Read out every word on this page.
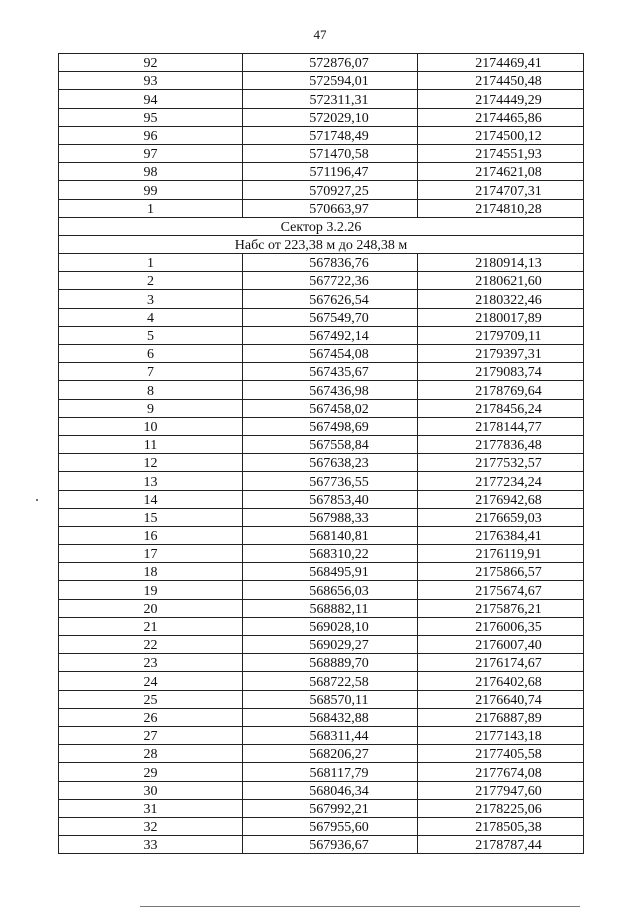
47
92	572876,07	2174469,41
93	572594,01	2174450,48
94	572311,31	2174449,29
95	572029,10	2174465,86
96	571748,49	2174500,12
97	571470,58	2174551,93
98	571196,47	2174621,08
99	570927,25	2174707,31
1	570663,97	2174810,28
Сектор 3.2.26		
Набс от 223,38 м до 248,38 м		
1	567836,76	2180914,13
2	567722,36	2180621,60
3	567626,54	2180322,46
4	567549,70	2180017,89
5	567492,14	2179709,11
6	567454,08	2179397,31
7	567435,67	2179083,74
8	567436,98	2178769,64
9	567458,02	2178456,24
10	567498,69	2178144,77
11	567558,84	2177836,48
12	567638,23	2177532,57
13	567736,55	2177234,24
14	567853,40	2176942,68
15	567988,33	2176659,03
16	568140,81	2176384,41
17	568310,22	2176119,91
18	568495,91	2175866,57
19	568656,03	2175674,67
20	568882,11	2175876,21
21	569028,10	2176006,35
22	569029,27	2176007,40
23	568889,70	2176174,67
24	568722,58	2176402,68
25	568570,11	2176640,74
26	568432,88	2176887,89
27	568311,44	2177143,18
28	568206,27	2177405,58
29	568117,79	2177674,08
30	568046,34	2177947,60
31	567992,21	2178225,06
32	567955,60	2178505,38
33	567936,67	2178787,44
